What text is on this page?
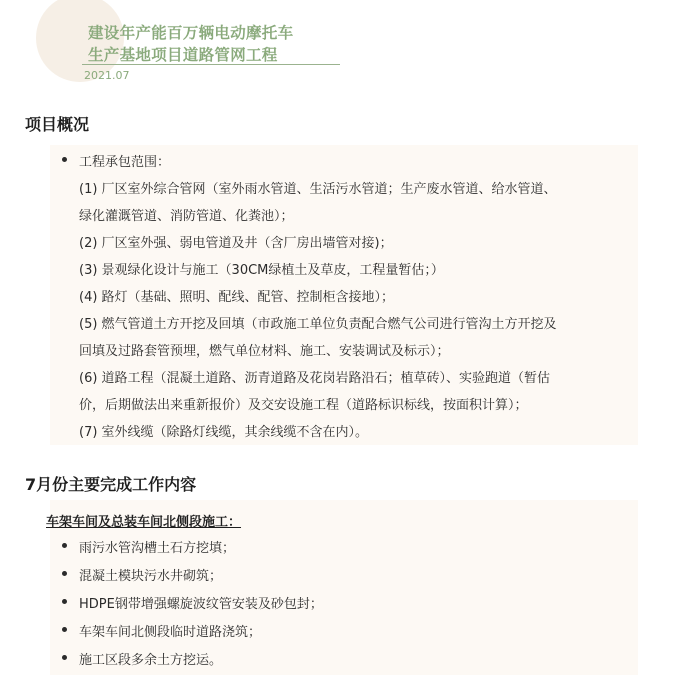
建设年产能百万辆电动摩托车
生产基地项目道路管网工程
2021.07
项目概况
工程承包范围：
(1) 厂区室外综合管网（室外雨水管道、生活污水管道；生产废水管道、给水管道、
绿化灌溉管道、消防管道、化粪池）；
(2) 厂区室外强、弱电管道及井（含厂房出墙管对接)；
(3) 景观绿化设计与施工（30CM绿植土及草皮，工程量暂估；）
(4) 路灯（基础、照明、配线、配管、控制柜含接地）；
(5) 燃气管道土方开挖及回填（市政施工单位负责配合燃气公司进行管沟土方开挖及
回填及过路套管预埋，燃气单位材料、施工、安装调试及标示）；
(6) 道路工程（混凝土道路、沥青道路及花岗岩路沿石；植草砖）、实验跑道（暂估
价，后期做法出来重新报价）及交安设施工程（道路标识标线，按面积计算）；
(7) 室外线缆（除路灯线缆，其余线缆不含在内）。
7月份主要完成工作内容
车架车间及总装车间北侧段施工：
雨污水管沟槽土石方挖填；
混凝土模块污水井砌筑；
HDPE钢带增强螺旋波纹管安装及砂包封；
车架车间北侧段临时道路浇筑；
施工区段多余土方挖运。
